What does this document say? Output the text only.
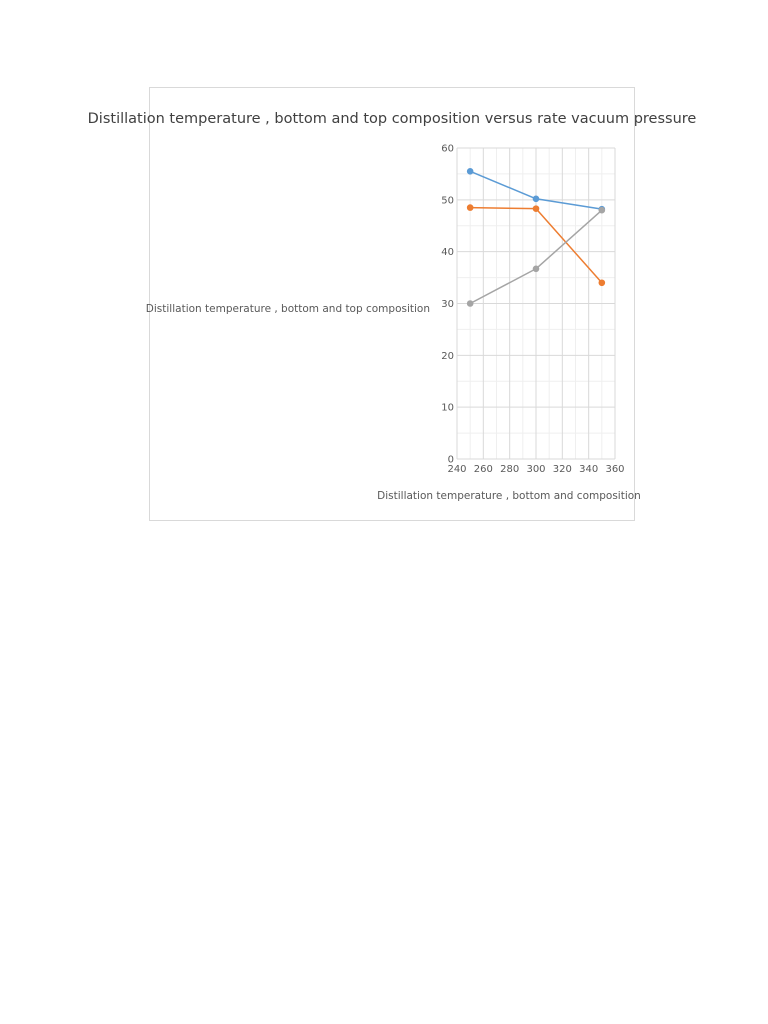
Distillation temperature , bottom and top composition versus rate vacuum pressure
0
10
20
30
40
50
60
240 260 280 300 320 340 360
Distillation temperature , bottom and top composition
Distillation temperature , bottom and composition
